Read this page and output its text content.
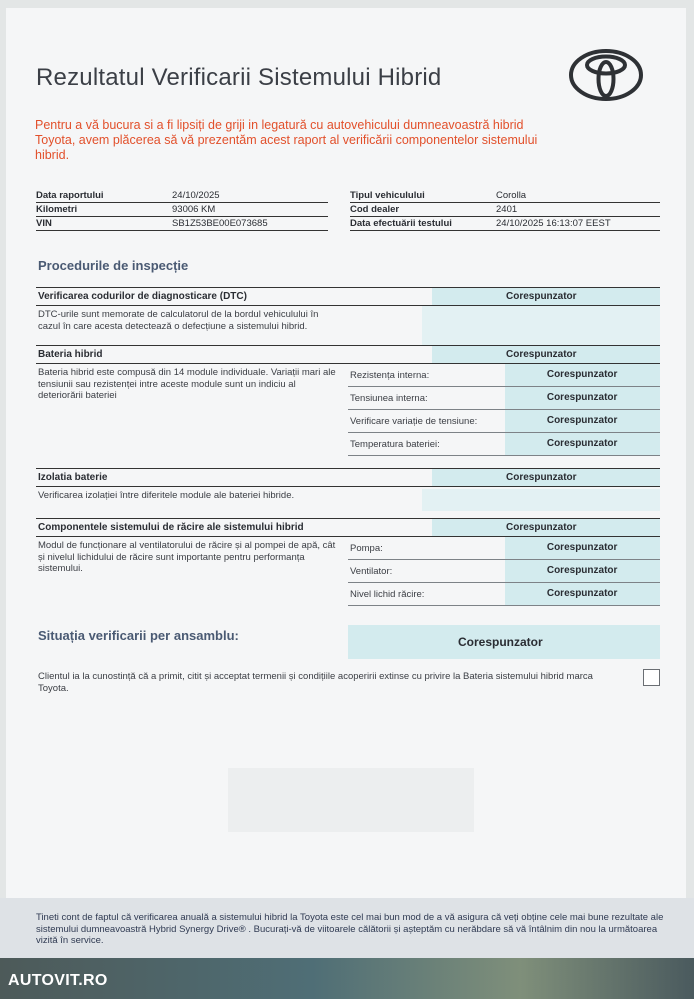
Rezultatul Verificarii Sistemului Hibrid
Pentru a vă bucura si a fi lipsiți de griji in legatură cu autovehicului dumneavoastră hibrid Toyota, avem plăcerea să vă prezentăm acest raport al verificării componentelor sistemului hibrid.
Data raportului	24/10/2025
Kilometri	93006 KM
VIN	SB1Z53BE00E073685
Tipul vehiculului	Corolla
Cod dealer	2401
Data efectuării testului	24/10/2025 16:13:07 EEST
Procedurile de inspecție
Verificarea codurilor de diagnosticare (DTC)	Corespunzator
DTC-urile sunt memorate de calculatorul de la bordul vehiculului în cazul în care acesta detectează o defecțiune a sistemului hibrid.
Bateria hibrid	Corespunzator
Bateria hibrid este compusă din 14 module individuale. Variații mari ale tensiunii sau rezistenței intre aceste module sunt un indiciu al deteriorării bateriei
Rezistența interna:	Corespunzator
Tensiunea interna:	Corespunzator
Verificare variație de tensiune:	Corespunzator
Temperatura bateriei:	Corespunzator
Izolatia baterie	Corespunzator
Verificarea izolației între diferitele module ale bateriei hibride.
Componentele sistemului de răcire ale sistemului hibrid	Corespunzator
Modul de funcționare al ventilatorului de răcire și al pompei de apă, cât și nivelul lichidului de răcire sunt importante pentru performanța sistemului.
Pompa:	Corespunzator
Ventilator:	Corespunzator
Nivel lichid răcire:	Corespunzator
Situația verificarii per ansamblu:	Corespunzator
Clientul ia la cunostință că a primit, citit și acceptat termenii și condițiile acoperirii extinse cu privire la Bateria sistemului hibrid marca Toyota.
Tineti cont de faptul că verificarea anuală a sistemului hibrid la Toyota este cel mai bun mod de a vă asigura că veți obține cele mai bune rezultate ale sistemului dumneavoastră Hybrid Synergy Drive® . Bucurați-vă de viitoarele călătorii și așteptăm cu nerăbdare să vă întâlnim din nou la următoarea vizită în service.
AUTOVIT.RO
